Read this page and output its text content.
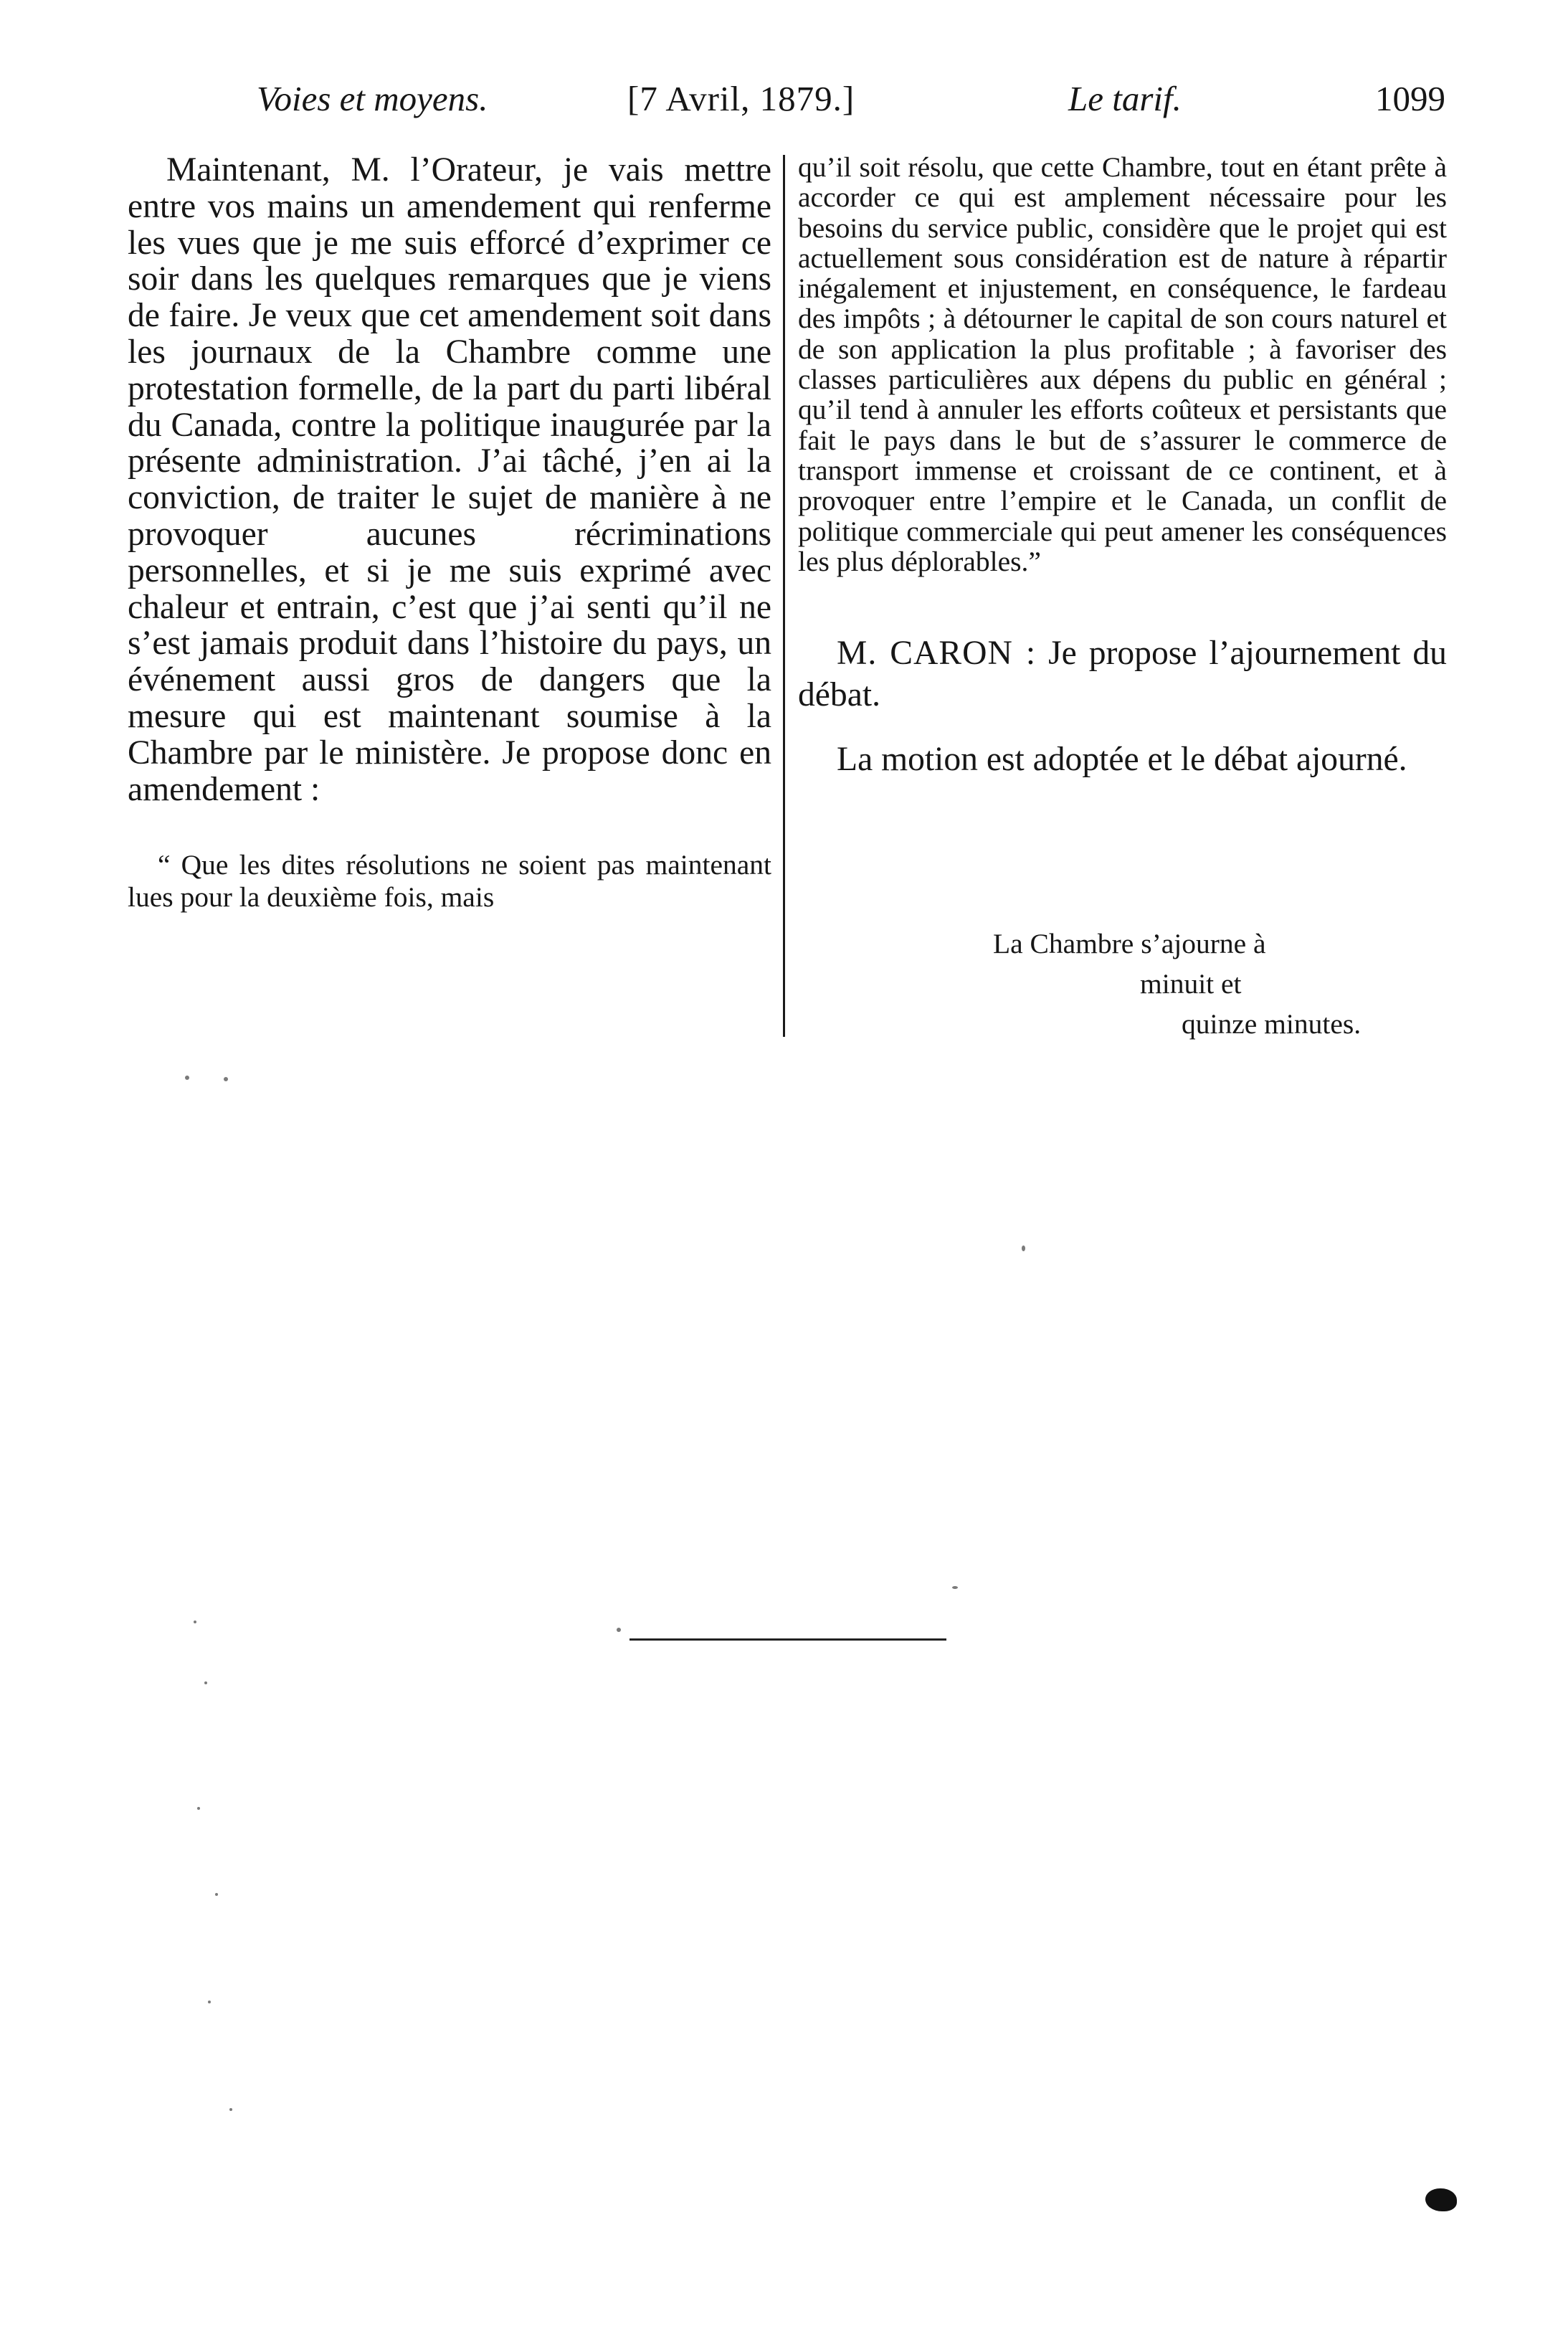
Voies et moyens.	[7 Avril, 1879.]	Le tarif.	1099

Maintenant, M. l’Orateur, je vais mettre entre vos mains un amendement qui renferme les vues que je me suis efforcé d’exprimer ce soir dans les quelques remarques que je viens de faire. Je veux que cet amendement soit dans les journaux de la Chambre comme une protestation formelle, de la part du parti libéral du Canada, contre la politique inaugurée par la présente administration. J’ai tâché, j’en ai la conviction, de traiter le sujet de manière à ne provoquer aucunes récriminations personnelles, et si je me suis exprimé avec chaleur et entrain, c’est que j’ai senti qu’il ne s’est jamais produit dans l’histoire du pays, un événement aussi gros de dangers que la mesure qui est maintenant soumise à la Chambre par le ministère. Je propose donc en amendement :

“ Que les dites résolutions ne soient pas maintenant lues pour la deuxième fois, mais

qu’il soit résolu, que cette Chambre, tout en étant prête à accorder ce qui est amplement nécessaire pour les besoins du service public, considère que le projet qui est actuellement sous considération est de nature à répartir inégalement et injustement, en conséquence, le fardeau des impôts ; à détourner le capital de son cours naturel et de son application la plus profitable ; à favoriser des classes particulières aux dépens du public en général ; qu’il tend à annuler les efforts coûteux et persistants que fait le pays dans le but de s’assurer le commerce de transport immense et croissant de ce continent, et à provoquer entre l’empire et le Canada, un conflit de politique commerciale qui peut amener les conséquences les plus déplorables.”

M. CARON : Je propose l’ajournement du débat.

La motion est adoptée et le débat ajourné.

La Chambre s’ajourne à
minuit et
quinze minutes.
